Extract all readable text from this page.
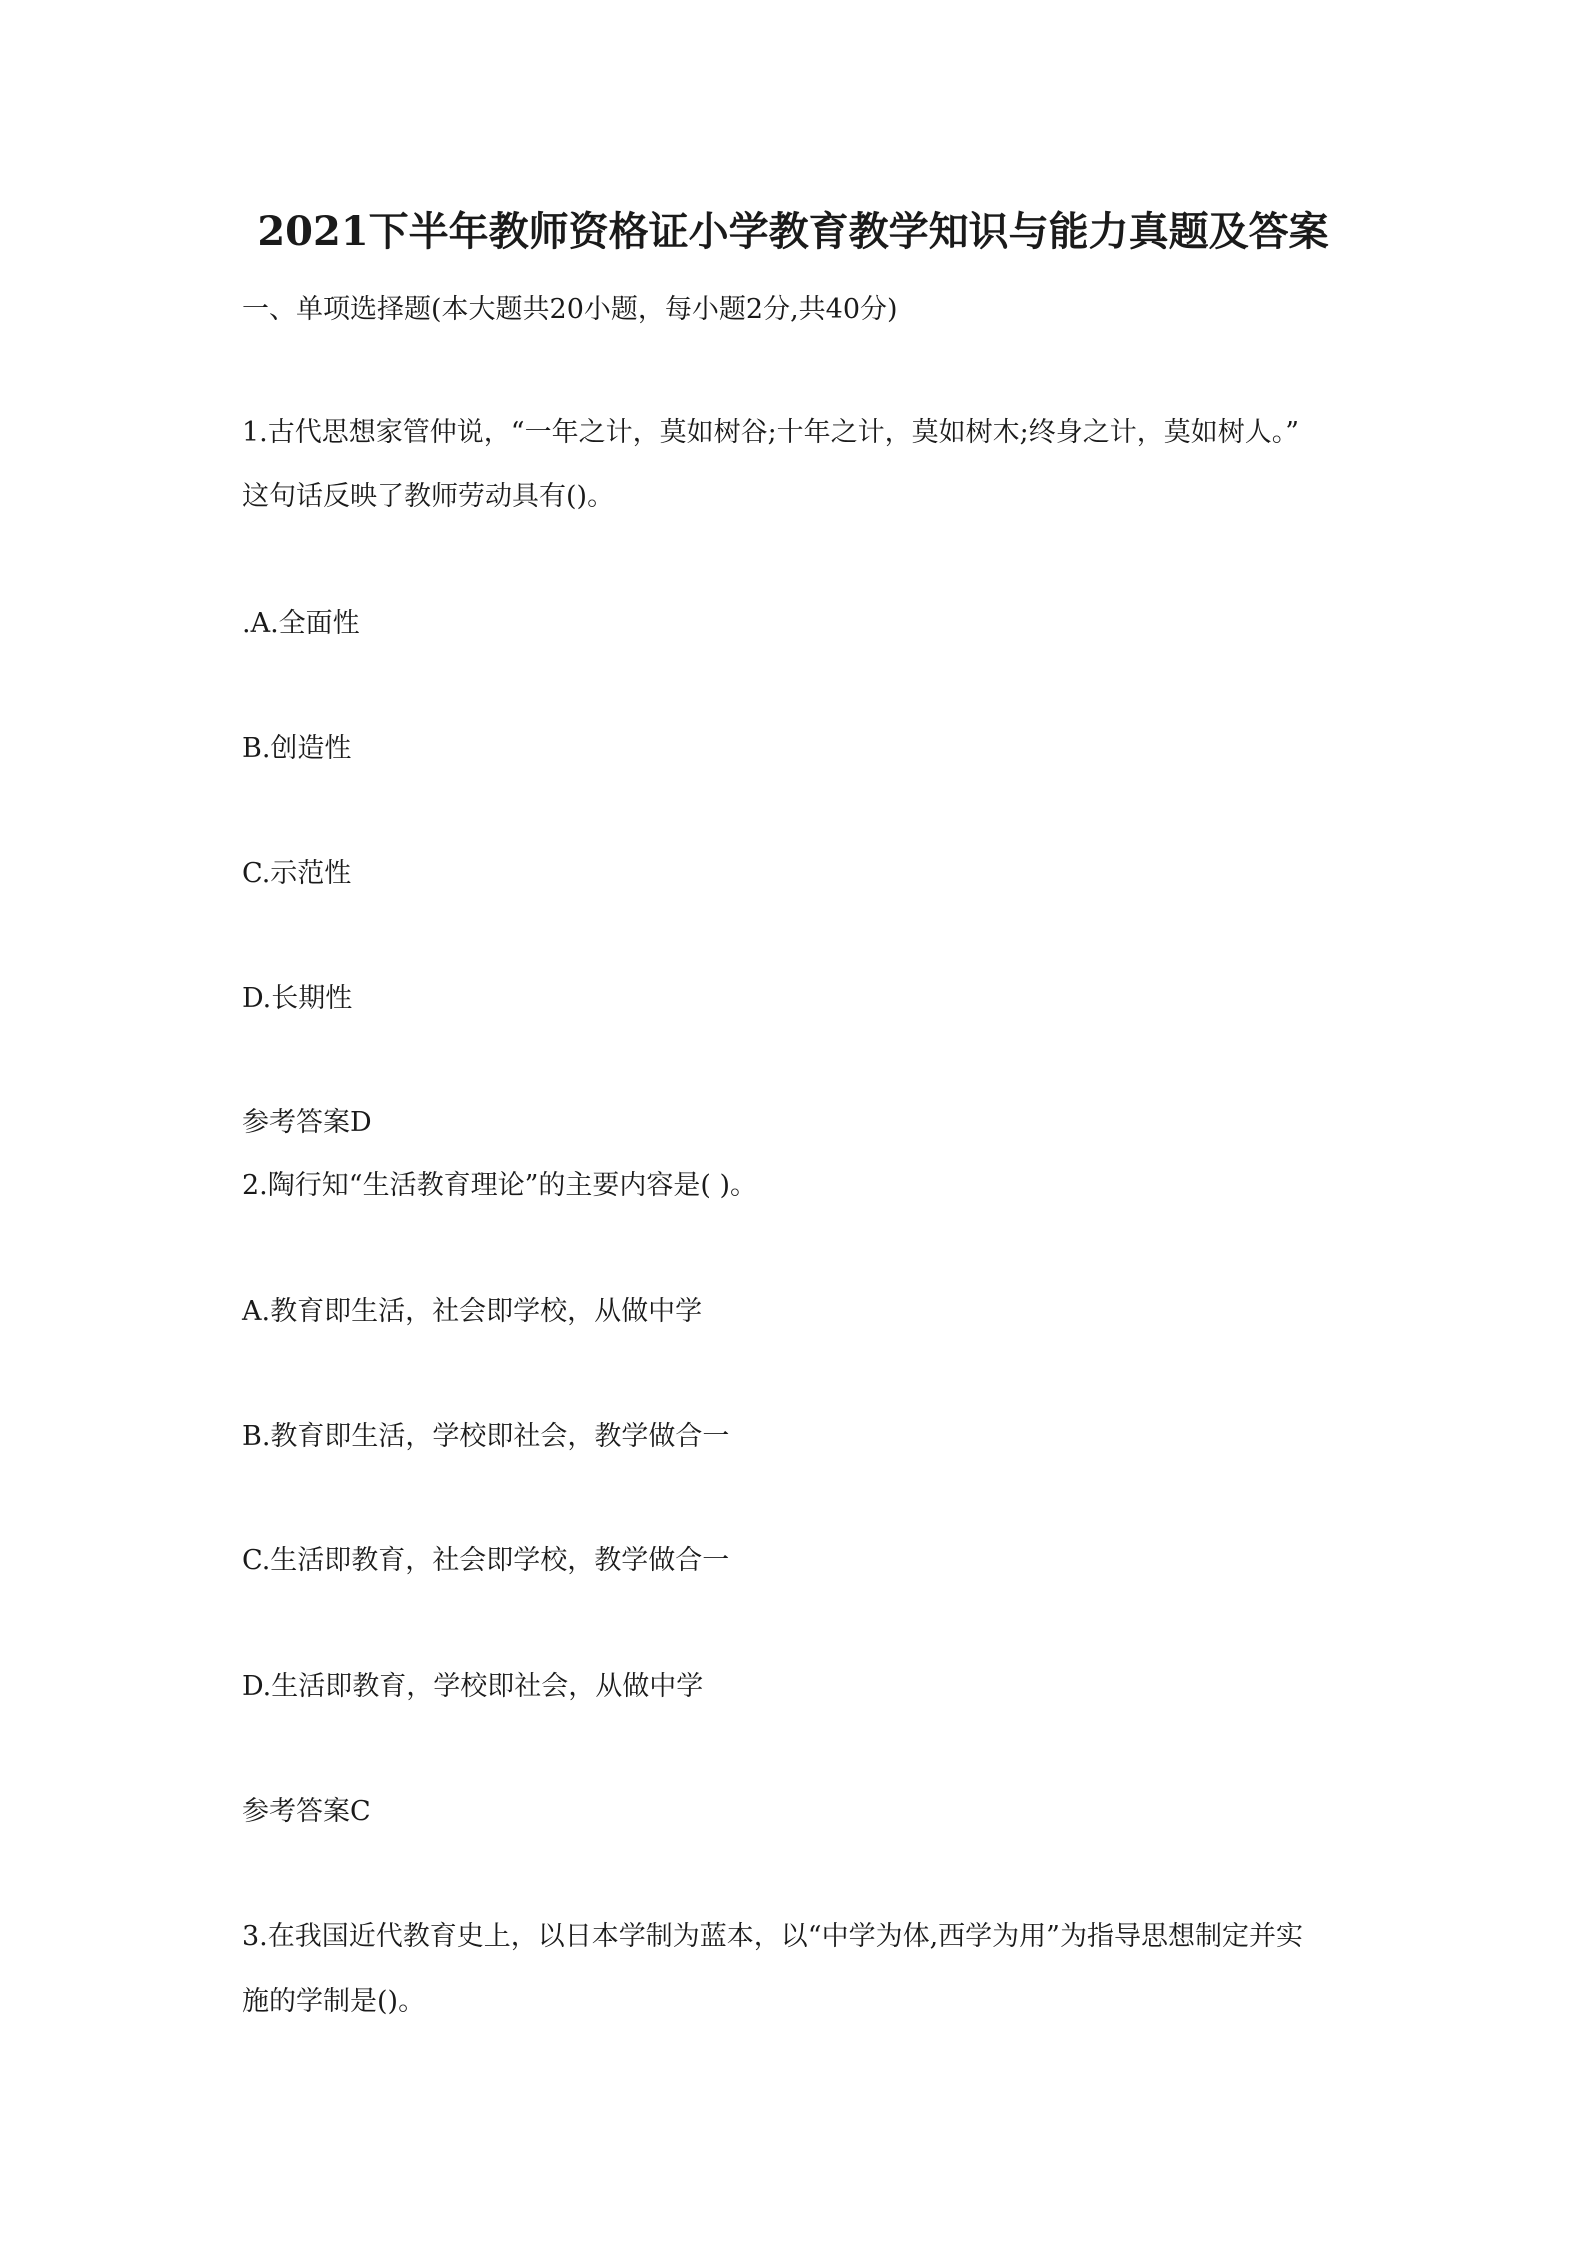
2021下半年教师资格证小学教育教学知识与能力真题及答案
一、单项选择题(本大题共20小题，每小题2分,共40分)
1.古代思想家管仲说，“一年之计，莫如树谷;十年之计，莫如树木;终身之计，莫如树人。”
这句话反映了教师劳动具有()。
.A.全面性
B.创造性
C.示范性
D.长期性
参考答案D
2.陶行知“生活教育理论”的主要内容是( )。
A.教育即生活，社会即学校，从做中学
B.教育即生活，学校即社会，教学做合一
C.生活即教育，社会即学校，教学做合一
D.生活即教育，学校即社会，从做中学
参考答案C
3.在我国近代教育史上，以日本学制为蓝本，以“中学为体,西学为用”为指导思想制定并实
施的学制是()。
